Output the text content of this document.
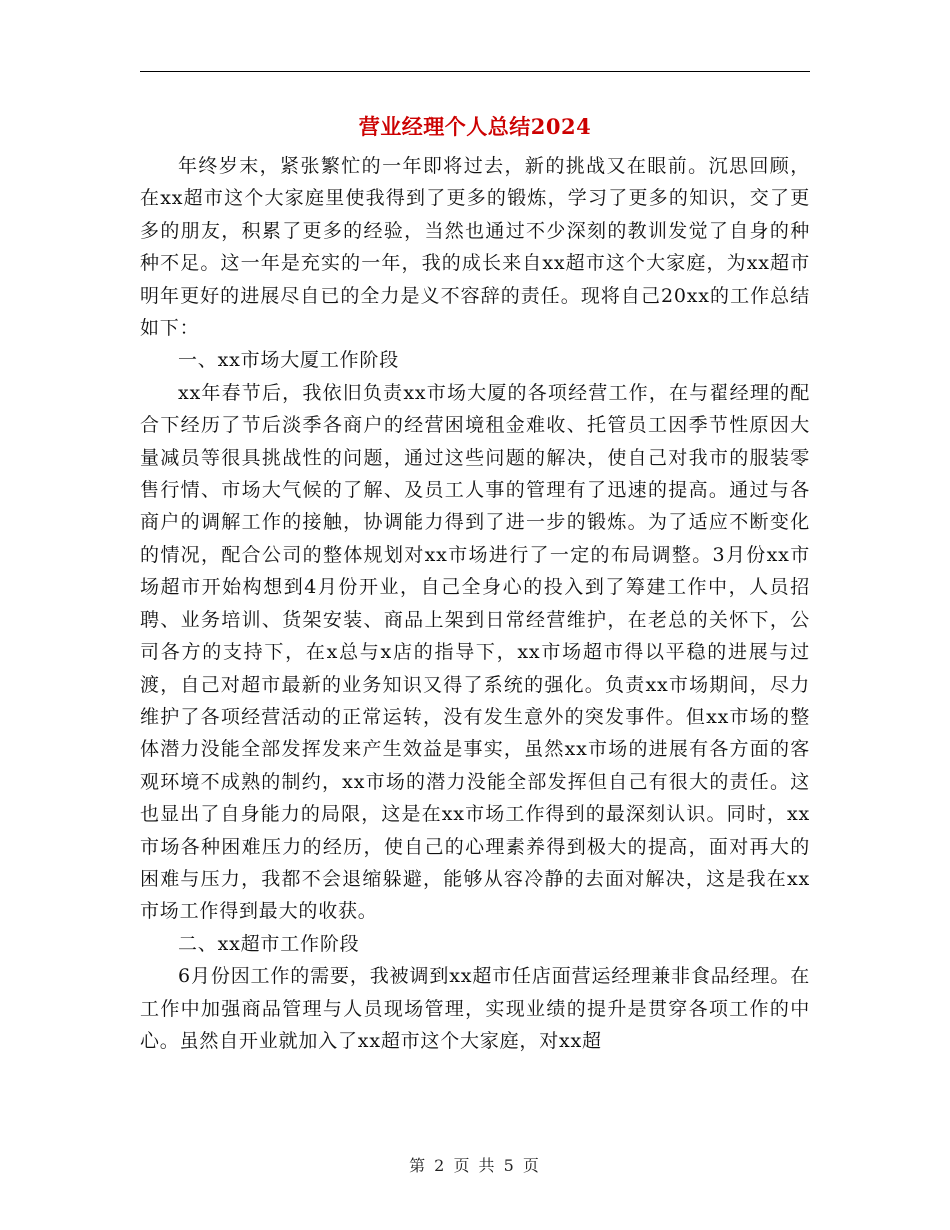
营业经理个人总结2024

年终岁末，紧张繁忙的一年即将过去，新的挑战又在眼前。沉思回顾，在xx超市这个大家庭里使我得到了更多的锻炼，学习了更多的知识，交了更多的朋友，积累了更多的经验，当然也通过不少深刻的教训发觉了自身的种种不足。这一年是充实的一年，我的成长来自xx超市这个大家庭，为xx超市明年更好的进展尽自已的全力是义不容辞的责任。现将自己20xx的工作总结如下：

一、xx市场大厦工作阶段

xx年春节后，我依旧负责xx市场大厦的各项经营工作，在与翟经理的配合下经历了节后淡季各商户的经营困境租金难收、托管员工因季节性原因大量减员等很具挑战性的问题，通过这些问题的解决，使自己对我市的服装零售行情、市场大气候的了解、及员工人事的管理有了迅速的提高。通过与各商户的调解工作的接触，协调能力得到了进一步的锻炼。为了适应不断变化的情况，配合公司的整体规划对xx市场进行了一定的布局调整。3月份xx市场超市开始构想到4月份开业，自己全身心的投入到了筹建工作中，人员招聘、业务培训、货架安装、商品上架到日常经营维护，在老总的关怀下，公司各方的支持下，在x总与x店的指导下，xx市场超市得以平稳的进展与过渡，自己对超市最新的业务知识又得了系统的强化。负责xx市场期间，尽力维护了各项经营活动的正常运转，没有发生意外的突发事件。但xx市场的整体潜力没能全部发挥发来产生效益是事实，虽然xx市场的进展有各方面的客观环境不成熟的制约，xx市场的潜力没能全部发挥但自己有很大的责任。这也显出了自身能力的局限，这是在xx市场工作得到的最深刻认识。同时，xx市场各种困难压力的经历，使自己的心理素养得到极大的提高，面对再大的困难与压力，我都不会退缩躲避，能够从容冷静的去面对解决，这是我在xx市场工作得到最大的收获。

二、xx超市工作阶段

6月份因工作的需要，我被调到xx超市任店面营运经理兼非食品经理。在工作中加强商品管理与人员现场管理，实现业绩的提升是贯穿各项工作的中心。虽然自开业就加入了xx超市这个大家庭，对xx超

第 2 页 共 5 页
